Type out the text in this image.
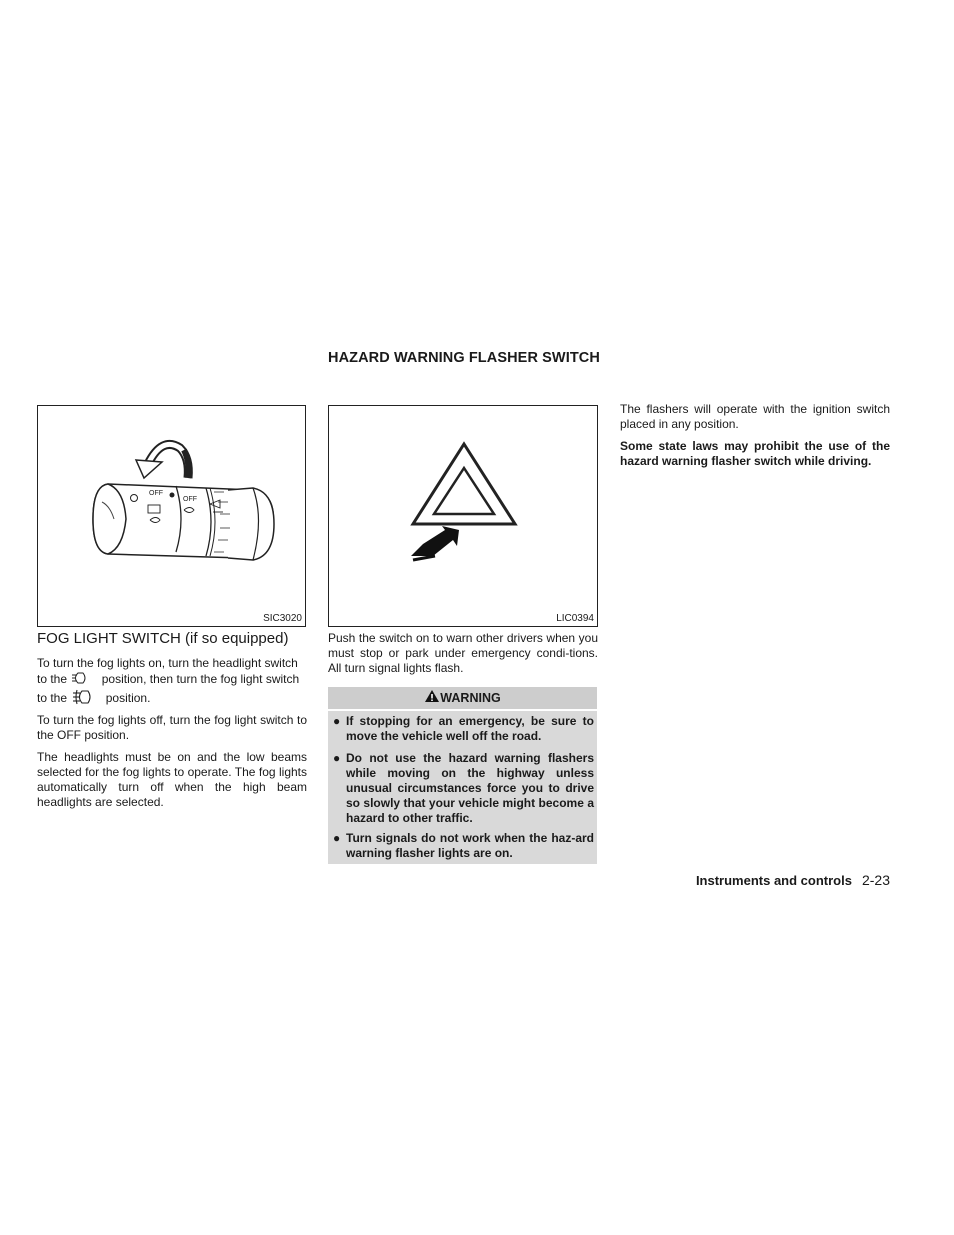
HAZARD WARNING FLASHER SWITCH
OFF
OFF
SIC3020	LIC0394
FOG LIGHT SWITCH (if so equipped)

To turn the fog lights on, turn the headlight switch to the	position, then turn the fog light switch to the	position.

To turn the fog lights off, turn the fog light switch to the OFF position.

The headlights must be on and the low beams selected for the fog lights to operate. The fog lights automatically turn off when the high beam headlights are selected.

Push the switch on to warn other drivers when you must stop or park under emergency condi-tions. All turn signal lights flash.

WARNING
● If stopping for an emergency, be sure to move the vehicle well off the road.
● Do not use the hazard warning flashers while moving on the highway unless unusual circumstances force you to drive so slowly that your vehicle might become a hazard to other traffic.
● Turn signals do not work when the haz-ard warning flasher lights are on.

The flashers will operate with the ignition switch placed in any position.

Some state laws may prohibit the use of the hazard warning flasher switch while driving.

Instruments and controls 2-23
